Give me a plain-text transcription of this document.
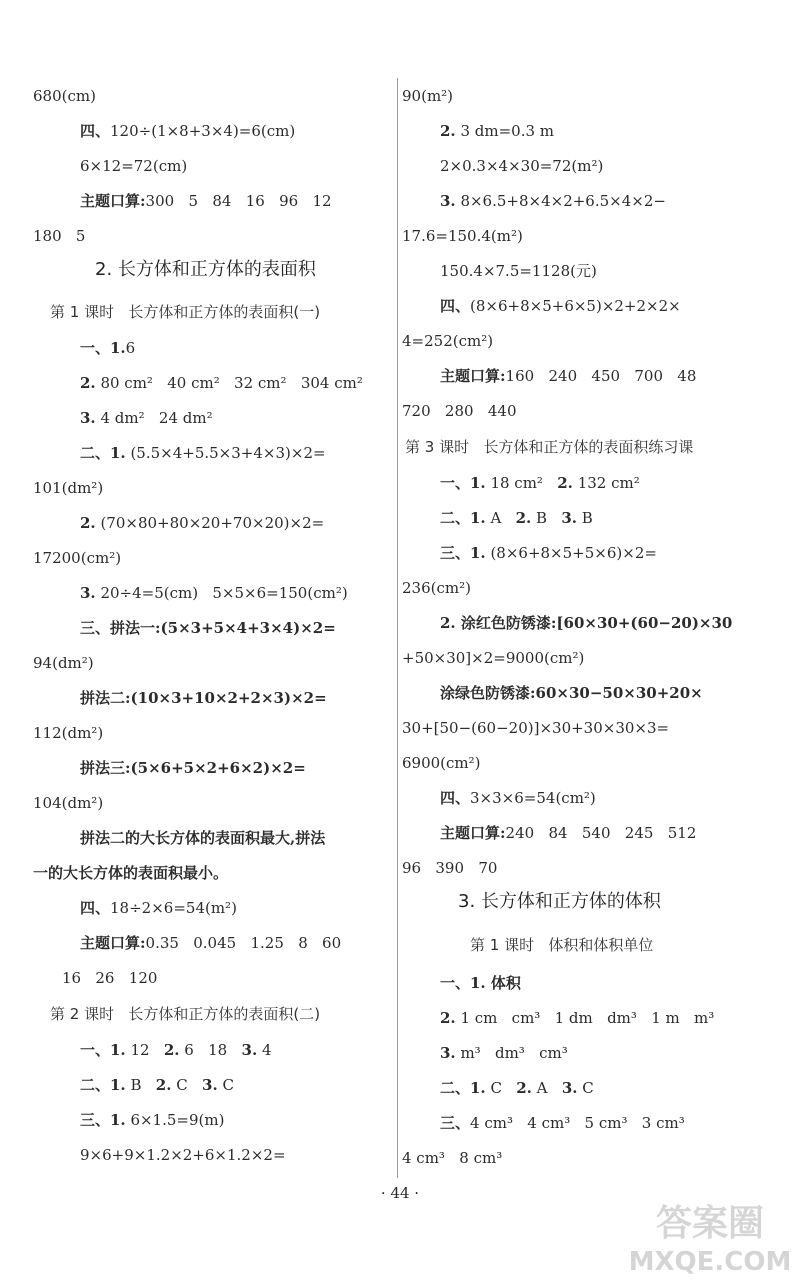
680(cm)
四、120÷(1×8+3×4)=6(cm)
6×12=72(cm)
主题口算:300   5   84   16   96   12
180   5
2. 长方体和正方体的表面积
第 1 课时   长方体和正方体的表面积(一)
一、1.6
2. 80 cm²   40 cm²   32 cm²   304 cm²
3. 4 dm²   24 dm²
二、1. (5.5×4+5.5×3+4×3)×2=
101(dm²)
2. (70×80+80×20+70×20)×2=
17200(cm²)
3. 20÷4=5(cm)   5×5×6=150(cm²)
三、拼法一:(5×3+5×4+3×4)×2=
94(dm²)
拼法二:(10×3+10×2+2×3)×2=
112(dm²)
拼法三:(5×6+5×2+6×2)×2=
104(dm²)
拼法二的大长方体的表面积最大,拼法
一的大长方体的表面积最小。
四、18÷2×6=54(m²)
主题口算:0.35   0.045   1.25   8   60
16   26   120
第 2 课时   长方体和正方体的表面积(二)
一、1. 12   2. 6   18   3. 4
二、1. B   2. C   3. C
三、1. 6×1.5=9(m)
9×6+9×1.2×2+6×1.2×2=
90(m²)
2. 3 dm=0.3 m
2×0.3×4×30=72(m²)
3. 8×6.5+8×4×2+6.5×4×2−
17.6=150.4(m²)
150.4×7.5=1128(元)
四、(8×6+8×5+6×5)×2+2×2×
4=252(cm²)
主题口算:160   240   450   700   48
720   280   440
第 3 课时   长方体和正方体的表面积练习课
一、1. 18 cm²   2. 132 cm²
二、1. A   2. B   3. B
三、1. (8×6+8×5+5×6)×2=
236(cm²)
2. 涂红色防锈漆:[60×30+(60−20)×30
+50×30]×2=9000(cm²)
涂绿色防锈漆:60×30−50×30+20×
30+[50−(60−20)]×30+30×30×3=
6900(cm²)
四、3×3×6=54(cm²)
主题口算:240   84   540   245   512
96   390   70
3. 长方体和正方体的体积
第 1 课时   体积和体积单位
一、1. 体积
2. 1 cm   cm³   1 dm   dm³   1 m   m³
3. m³   dm³   cm³
二、1. C   2. A   3. C
三、4 cm³   4 cm³   5 cm³   3 cm³
4 cm³   8 cm³
· 44 ·
答案圈
MXQE.COM
